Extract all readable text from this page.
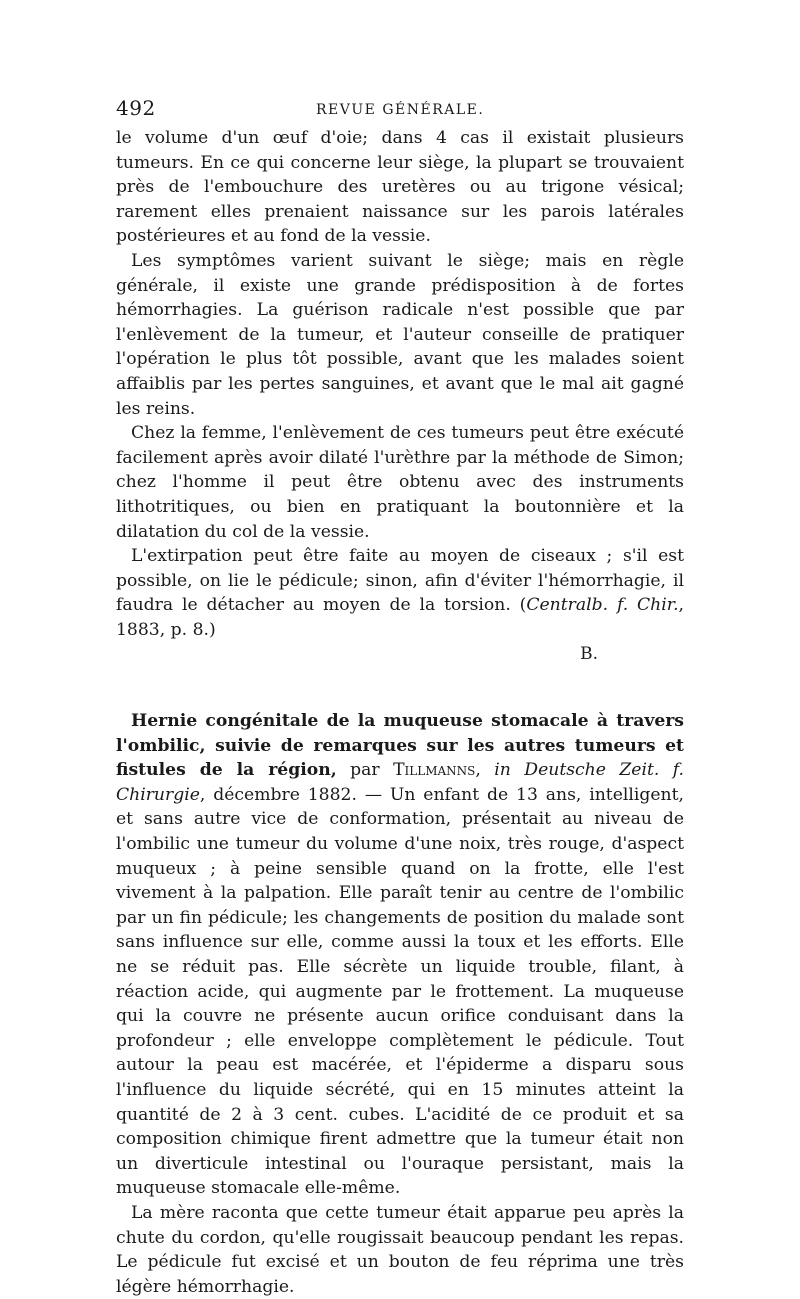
492	REVUE GÉNÉRALE.

le volume d'un œuf d'oie; dans 4 cas il existait plusieurs tumeurs. En ce qui concerne leur siège, la plupart se trouvaient près de l'embouchure des uretères ou au trigone vésical; rarement elles prenaient naissance sur les parois latérales postérieures et au fond de la vessie.

Les symptômes varient suivant le siège; mais en règle générale, il existe une grande prédisposition à de fortes hémorrhagies. La guérison radicale n'est possible que par l'enlèvement de la tumeur, et l'auteur conseille de pratiquer l'opération le plus tôt possible, avant que les malades soient affaiblis par les pertes sanguines, et avant que le mal ait gagné les reins.

Chez la femme, l'enlèvement de ces tumeurs peut être exécuté facilement après avoir dilaté l'urèthre par la méthode de Simon; chez l'homme il peut être obtenu avec des instruments lithotritiques, ou bien en pratiquant la boutonnière et la dilatation du col de la vessie.

L'extirpation peut être faite au moyen de ciseaux ; s'il est possible, on lie le pédicule; sinon, afin d'éviter l'hémorrhagie, il faudra le détacher au moyen de la torsion. (Centralb. f. Chir., 1883, p. 8.)

B.

Hernie congénitale de la muqueuse stomacale à travers l'ombilic, suivie de remarques sur les autres tumeurs et fistules de la région, par Tillmanns, in Deutsche Zeit. f. Chirurgie, décembre 1882. — Un enfant de 13 ans, intelligent, et sans autre vice de conformation, présentait au niveau de l'ombilic une tumeur du volume d'une noix, très rouge, d'aspect muqueux ; à peine sensible quand on la frotte, elle l'est vivement à la palpation. Elle paraît tenir au centre de l'ombilic par un fin pédicule; les changements de position du malade sont sans influence sur elle, comme aussi la toux et les efforts. Elle ne se réduit pas. Elle sécrète un liquide trouble, filant, à réaction acide, qui augmente par le frottement. La muqueuse qui la couvre ne présente aucun orifice conduisant dans la profondeur ; elle enveloppe complètement le pédicule. Tout autour la peau est macérée, et l'épiderme a disparu sous l'influence du liquide sécrété, qui en 15 minutes atteint la quantité de 2 à 3 cent. cubes. L'acidité de ce produit et sa composition chimique firent admettre que la tumeur était non un diverticule intestinal ou l'ouraque persistant, mais la muqueuse stomacale elle-même.

La mère raconta que cette tumeur était apparue peu après la chute du cordon, qu'elle rougissait beaucoup pendant les repas. Le pédicule fut excisé et un bouton de feu réprima une très légère hémorrhagie.
